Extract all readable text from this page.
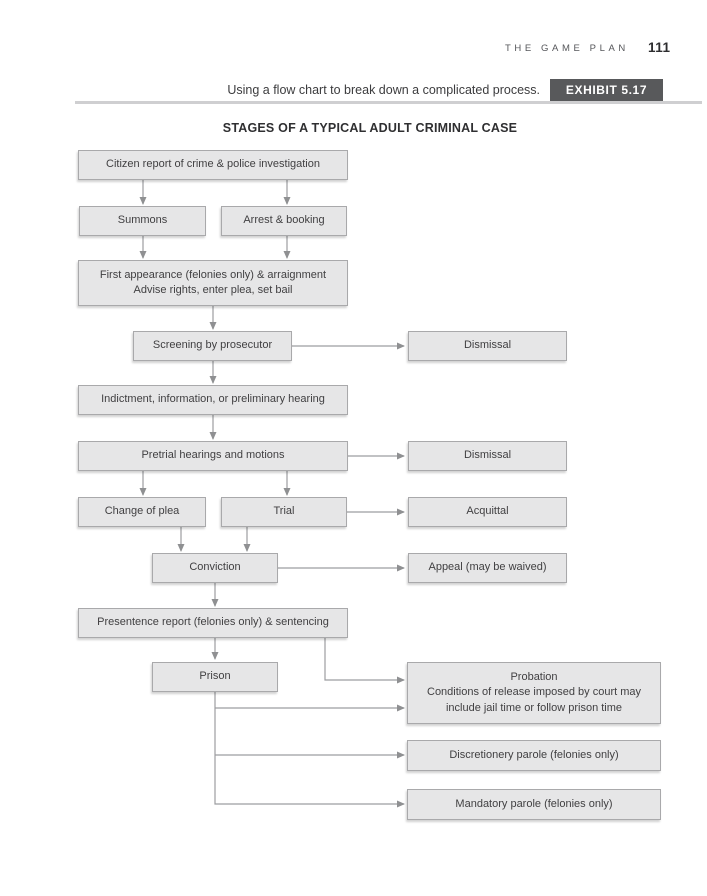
THE GAME PLAN 111
Using a flow chart to break down a complicated process.	EXHIBIT 5.17
STAGES OF A TYPICAL ADULT CRIMINAL CASE
Citizen report of crime & police investigation
Summons	Arrest & booking
First appearance (felonies only) & arraignment
Advise rights, enter plea, set bail
Screening by prosecutor	Dismissal
Indictment, information, or preliminary hearing
Pretrial hearings and motions	Dismissal
Change of plea	Trial	Acquittal
Conviction	Appeal (may be waived)
Presentence report (felonies only) & sentencing
Prison	Probation
Conditions of release imposed by court may
include jail time or follow prison time
Discretionery parole (felonies only)
Mandatory parole (felonies only)
